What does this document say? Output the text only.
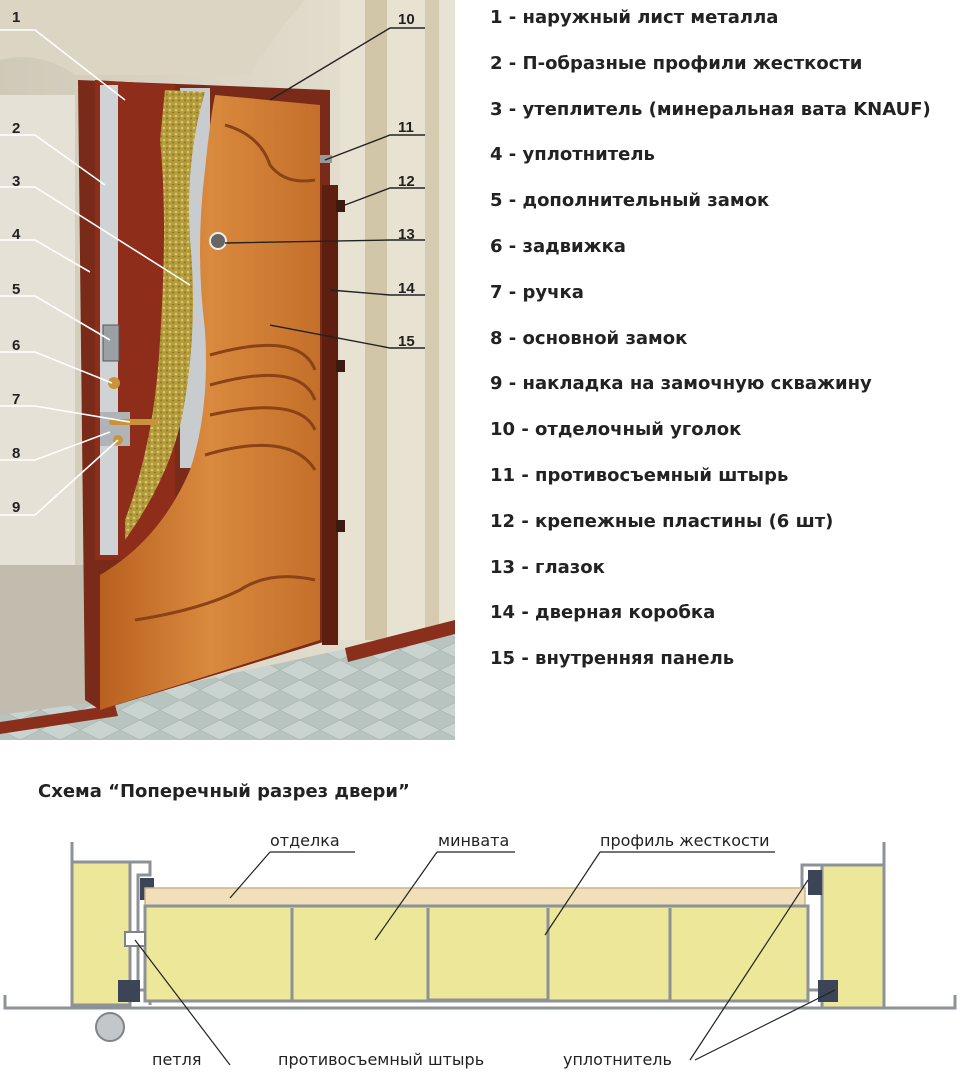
1
2
3
4
5
6
7
8
9
10
11
12
13
14
15
1 - наружный лист металла
2 - П-образные профили жесткости
3 - утеплитель (минеральная вата KNAUF)
4 - уплотнитель
5 - дополнительный замок
6 - задвижка
7 - ручка
8 - основной замок
9 - накладка на замочную скважину
10 - отделочный уголок
11 - противосъемный штырь
12 - крепежные пластины (6 шт)
13 - глазок
14 - дверная коробка
15 - внутренняя панель
Схема “Поперечный разрез двери”
отделка	минвата	профиль жесткости
петля	противосъемный штырь	уплотнитель
